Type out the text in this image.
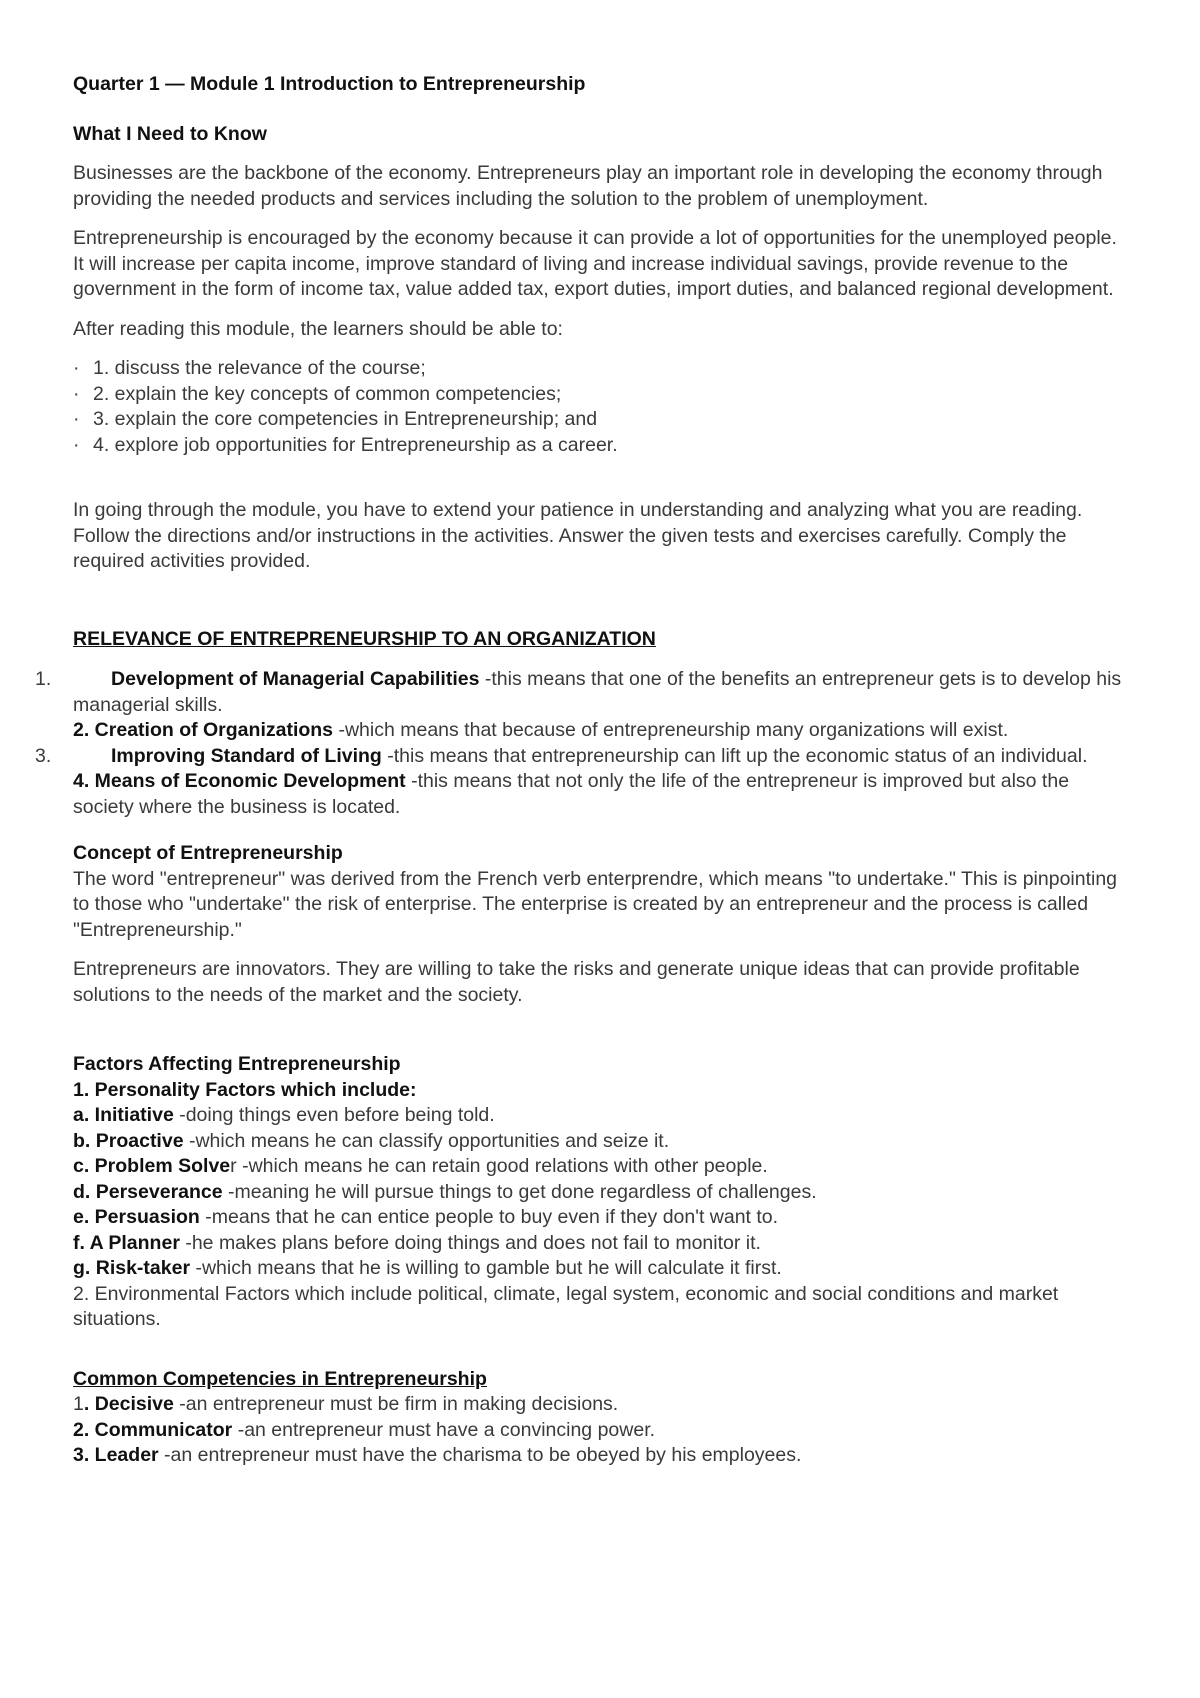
Quarter 1 — Module 1 Introduction to Entrepreneurship

What I Need to Know

Businesses are the backbone of the economy. Entrepreneurs play an important role in developing the economy through providing the needed products and services including the solution to the problem of unemployment.

Entrepreneurship is encouraged by the economy because it can provide a lot of opportunities for the unemployed people. It will increase per capita income, improve standard of living and increase individual savings, provide revenue to the government in the form of income tax, value added tax, export duties, import duties, and balanced regional development.

After reading this module, the learners should be able to:

· 1. discuss the relevance of the course;
· 2. explain the key concepts of common competencies;
· 3. explain the core competencies in Entrepreneurship; and
· 4. explore job opportunities for Entrepreneurship as a career.

In going through the module, you have to extend your patience in understanding and analyzing what you are reading. Follow the directions and/or instructions in the activities. Answer the given tests and exercises carefully. Comply the required activities provided.

RELEVANCE OF ENTREPRENEURSHIP TO AN ORGANIZATION

1.	Development of Managerial Capabilities -this means that one of the benefits an entrepreneur gets is to develop his managerial skills.
2. Creation of Organizations -which means that because of entrepreneurship many organizations will exist.
3.	Improving Standard of Living -this means that entrepreneurship can lift up the economic status of an individual.
4. Means of Economic Development -this means that not only the life of the entrepreneur is improved but also the society where the business is located.

Concept of Entrepreneurship

The word "entrepreneur" was derived from the French verb enterprendre, which means "to undertake." This is pinpointing to those who "undertake" the risk of enterprise. The enterprise is created by an entrepreneur and the process is called "Entrepreneurship."

Entrepreneurs are innovators. They are willing to take the risks and generate unique ideas that can provide profitable solutions to the needs of the market and the society.

Factors Affecting Entrepreneurship

1. Personality Factors which include:

a. Initiative -doing things even before being told.

b. Proactive -which means he can classify opportunities and seize it.

c. Problem Solver -which means he can retain good relations with other people.

d. Perseverance -meaning he will pursue things to get done regardless of challenges.

e. Persuasion -means that he can entice people to buy even if they don't want to.

f. A Planner -he makes plans before doing things and does not fail to monitor it.

g. Risk-taker -which means that he is willing to gamble but he will calculate it first.

2. Environmental Factors which include political, climate, legal system, economic and social conditions and market situations.

Common Competencies in Entrepreneurship

1. Decisive -an entrepreneur must be firm in making decisions.

2. Communicator -an entrepreneur must have a convincing power.

3. Leader -an entrepreneur must have the charisma to be obeyed by his employees.
